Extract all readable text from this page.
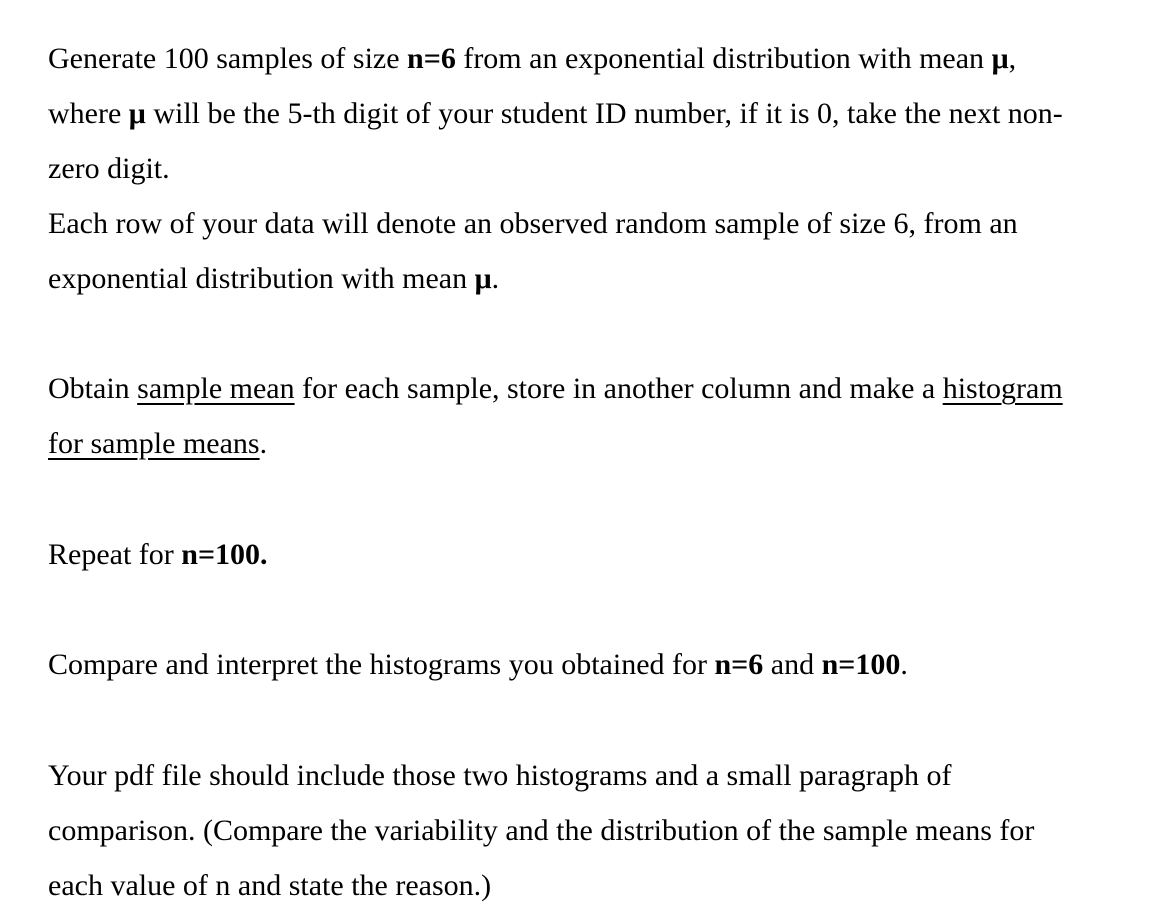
Generate 100 samples of size n=6 from an exponential distribution with mean μ,
where μ will be the 5-th digit of your student ID number, if it is 0, take the next non-
zero digit.
Each row of your data will denote an observed random sample of size 6, from an
exponential distribution with mean μ.
Obtain sample mean for each sample, store in another column and make a histogram
for sample means.
Repeat for n=100.
Compare and interpret the histograms you obtained for n=6 and n=100.
Your pdf file should include those two histograms and a small paragraph of
comparison. (Compare the variability and the distribution of the sample means for
each value of n and state the reason.)
